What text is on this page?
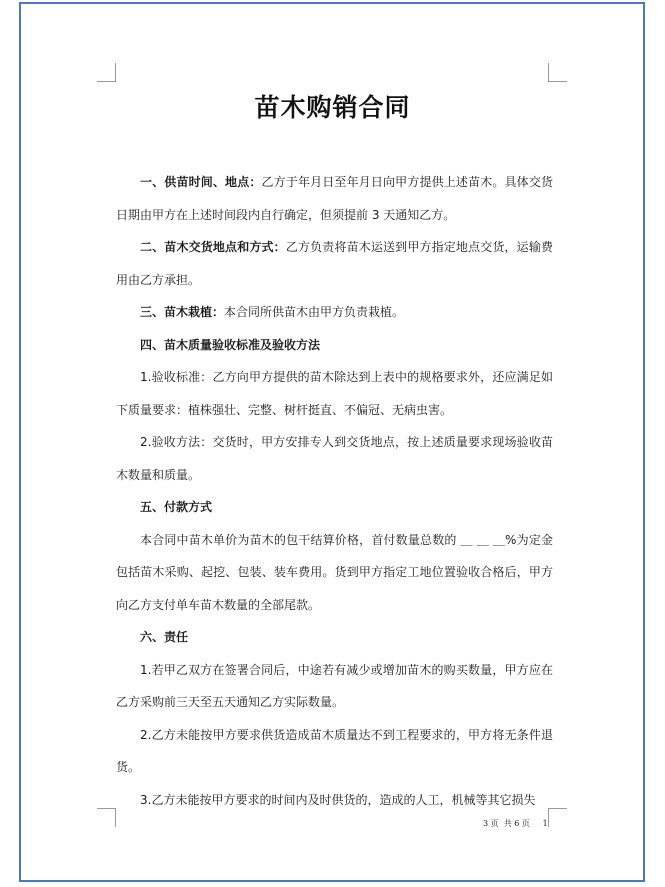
苗木购销合同

一、供苗时间、地点：乙方于年月日至年月日向甲方提供上述苗木。具体交货日期由甲方在上述时间段内自行确定，但须提前 3 天通知乙方。

二、苗木交货地点和方式：乙方负责将苗木运送到甲方指定地点交货，运输费用由乙方承担。

三、苗木栽植：本合同所供苗木由甲方负责栽植。

四、苗木质量验收标准及验收方法

1.验收标准：乙方向甲方提供的苗木除达到上表中的规格要求外，还应满足如下质量要求：植株强壮、完整、树杆挺直、不偏冠、无病虫害。

2.验收方法：交货时，甲方安排专人到交货地点，按上述质量要求现场验收苗木数量和质量。

五、付款方式

本合同中苗木单价为苗木的包干结算价格，首付数量总数的 ＿ ＿ ＿%为定金包括苗木采购、起挖、包装、装车费用。货到甲方指定工地位置验收合格后，甲方向乙方支付单车苗木数量的全部尾款。

六、责任

1.若甲乙双方在签署合同后，中途若有减少或增加苗木的购买数量，甲方应在乙方采购前三天至五天通知乙方实际数量。

2.乙方未能按甲方要求供货造成苗木质量达不到工程要求的，甲方将无条件退货。

3.乙方未能按甲方要求的时间内及时供货的，造成的人工，机械等其它损失

3 页  共 6 页     1
